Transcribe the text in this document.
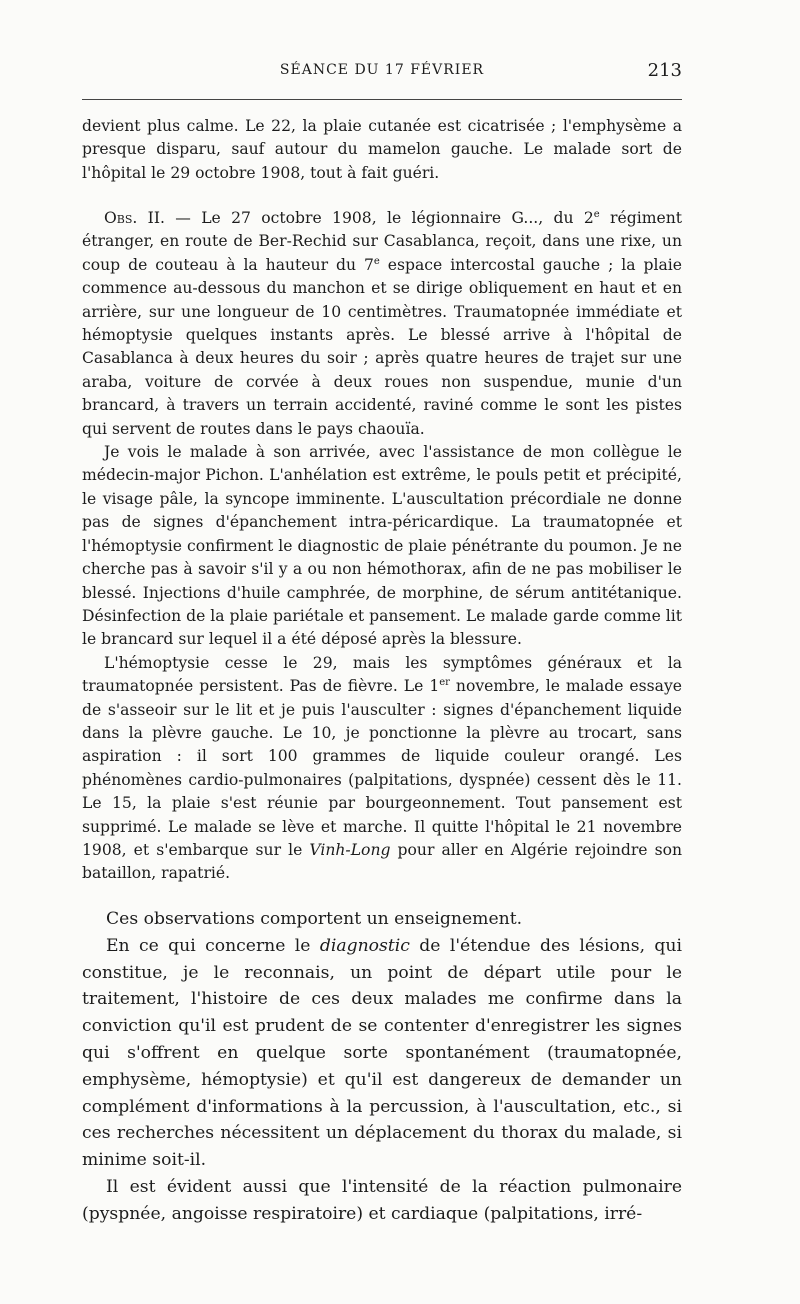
SÉANCE DU 17 FÉVRIER	213

devient plus calme. Le 22, la plaie cutanée est cicatrisée ; l'emphysème a presque disparu, sauf autour du mamelon gauche. Le malade sort de l'hôpital le 29 octobre 1908, tout à fait guéri.

Obs. II. — Le 27 octobre 1908, le légionnaire G..., du 2e régiment étranger, en route de Ber-Rechid sur Casablanca, reçoit, dans une rixe, un coup de couteau à la hauteur du 7e espace intercostal gauche ; la plaie commence au-dessous du manchon et se dirige obliquement en haut et en arrière, sur une longueur de 10 centimètres. Traumatopnée immédiate et hémoptysie quelques instants après. Le blessé arrive à l'hôpital de Casablanca à deux heures du soir ; après quatre heures de trajet sur une araba, voiture de corvée à deux roues non suspendue, munie d'un brancard, à travers un terrain accidenté, raviné comme le sont les pistes qui servent de routes dans le pays chaouïa.

Je vois le malade à son arrivée, avec l'assistance de mon collègue le médecin-major Pichon. L'anhélation est extrême, le pouls petit et précipité, le visage pâle, la syncope imminente. L'auscultation précordiale ne donne pas de signes d'épanchement intra-péricardique. La traumatopnée et l'hémoptysie confirment le diagnostic de plaie pénétrante du poumon. Je ne cherche pas à savoir s'il y a ou non hémothorax, afin de ne pas mobiliser le blessé. Injections d'huile camphrée, de morphine, de sérum antitétanique. Désinfection de la plaie pariétale et pansement. Le malade garde comme lit le brancard sur lequel il a été déposé après la blessure.

L'hémoptysie cesse le 29, mais les symptômes généraux et la traumatopnée persistent. Pas de fièvre. Le 1er novembre, le malade essaye de s'asseoir sur le lit et je puis l'ausculter : signes d'épanchement liquide dans la plèvre gauche. Le 10, je ponctionne la plèvre au trocart, sans aspiration : il sort 100 grammes de liquide couleur orangé. Les phénomènes cardio-pulmonaires (palpitations, dyspnée) cessent dès le 11. Le 15, la plaie s'est réunie par bourgeonnement. Tout pansement est supprimé. Le malade se lève et marche. Il quitte l'hôpital le 21 novembre 1908, et s'embarque sur le Vinh-Long pour aller en Algérie rejoindre son bataillon, rapatrié.

Ces observations comportent un enseignement.

En ce qui concerne le diagnostic de l'étendue des lésions, qui constitue, je le reconnais, un point de départ utile pour le traitement, l'histoire de ces deux malades me confirme dans la conviction qu'il est prudent de se contenter d'enregistrer les signes qui s'offrent en quelque sorte spontanément (traumatopnée, emphysème, hémoptysie) et qu'il est dangereux de demander un complément d'informations à la percussion, à l'auscultation, etc., si ces recherches nécessitent un déplacement du thorax du malade, si minime soit-il.

Il est évident aussi que l'intensité de la réaction pulmonaire (pyspnée, angoisse respiratoire) et cardiaque (palpitations, irré-
